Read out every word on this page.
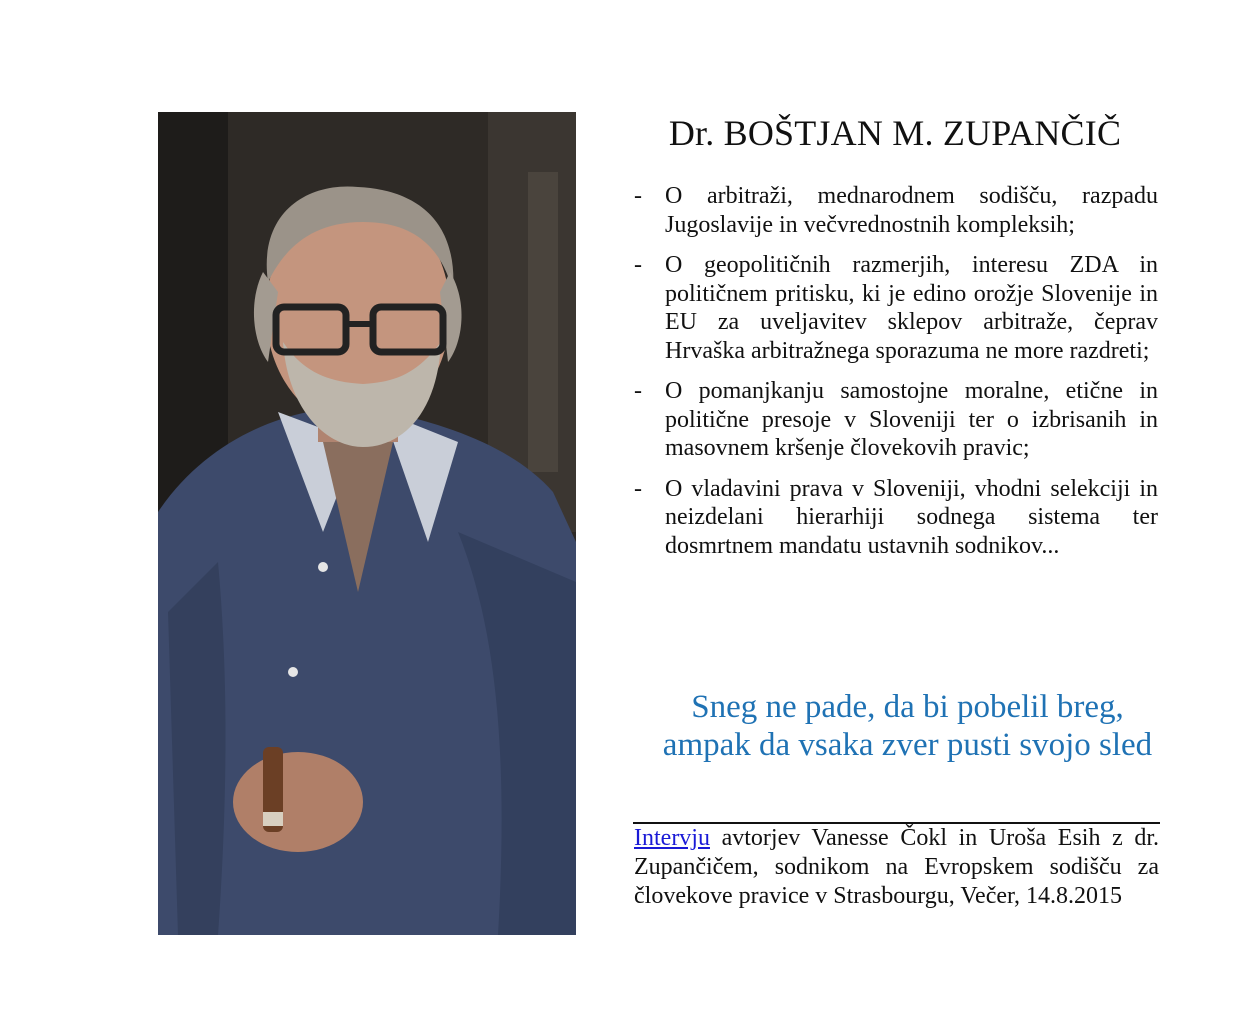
Dr. BOŠTJAN M. ZUPANČIČ
- O arbitraži, mednarodnem sodišču, razpadu Jugoslavije in večvrednostnih kompleksih;
- O geopolitičnih razmerjih, interesu ZDA in političnem pritisku, ki je edino orožje Slovenije in EU za uveljavitev sklepov arbitraže, čeprav Hrvaška arbitražnega sporazuma ne more razdreti;
- O pomanjkanju samostojne moralne, etične in politične presoje v Sloveniji ter o izbrisanih in masovnem kršenje človekovih pravic;
- O vladavini prava v Sloveniji, vhodni selekciji in neizdelani hierarhiji sodnega sistema ter dosmrtnem mandatu ustavnih sodnikov...
Sneg ne pade, da bi pobelil breg,
ampak da vsaka zver pusti svojo sled
Intervju avtorjev Vanesse Čokl in Uroša Esih z dr. Zupančičem, sodnikom na Evropskem sodišču za človekove pravice v Strasbourgu, Večer, 14.8.2015
